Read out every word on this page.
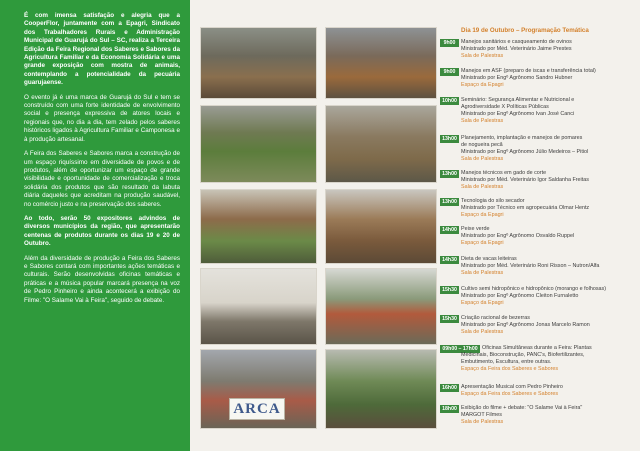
É com imensa satisfação e alegria que a CooperFlor, juntamente com a Epagri, Sindicato dos Trabalhadores Rurais e Administração Municipal de Guarujá do Sul – SC, realiza a Terceira Edição da Feira Regional dos Saberes e Sabores da Agricultura Familiar e da Economia Solidária e uma grande exposição com mostra de animais, contemplando a potencialidade da pecuária guarujaense.

O evento já é uma marca de Guarujá do Sul e tem se construído com uma forte identidade de envolvimento social e presença expressiva de atores locais e regionais que, no dia a dia, tem zelado pelos saberes históricos ligados à Agricultura Familiar e Camponesa e à produção artesanal.

A Feira dos Saberes e Sabores marca a construção de um espaço riquíssimo em diversidade de povos e de produtos, além de oportunizar um espaço de grande visibilidade e oportunidade de comercialização e troca solidária dos produtos que são resultado da labuta diária daqueles que acreditam na produção saudável, no comércio justo e na preservação dos saberes.

Ao todo, serão 50 expositores advindos de diversos municípios da região, que apresentarão centenas de produtos durante os dias 19 e 20 de Outubro.

Além da diversidade de produção a Feira dos Saberes e Sabores contará com importantes ações temáticas e culturais. Serão desenvolvidas oficinas temáticas e práticas e a música popular marcará presença na voz de Pedro Pinheiro e ainda acontecerá a exibição do Filme: "O Salame Vai à Feira", seguido de debate.

ARCA
Dia 19 de Outubro – Programação Temática
9h00	Manejos sanitários e casqueamento de ovinos
Ministrado por Méd. Veterinário Jaime Prestes
Sala de Palestras
9h00	Manejos em ASF (preparo de iscas e transferência total)
Ministrado por Engº Agrônomo Sandro Hubner
Espaço da Epagri
10h00 Seminário: Segurança Alimentar e Nutricional e
Agrodiversidade X Políticas Públicas
Ministrado por Engº Agrônomo Ivan José Canci
Sala de Palestras
13h00 Planejamento, implantação e manejos de pomares
de nogueira pecã
Ministrado por Engº Agrônomo Júlio Medeiros – Pitiol
Sala de Palestras
13h00 Manejos técnicos em gado de corte
Ministrado por Méd. Veterinário Igor Saldanha Freitas
Sala de Palestras
13h00 Tecnologia do silo secador
Ministrado por Técnico em agropecuária Olmar Hentz
Espaço da Epagri
14h00 Peixe verde
Ministrado por Engº Agrônomo Osvaldo Ruppel
Espaço da Epagri
14h30 Dieta de vacas leiteiras
Ministrado por Méd. Veterinário Roni Risson – Nutron/Alfa
Sala de Palestras
15h30 Cultivo semi hidropônico e hidropônico (morango e folhosas)
Ministrado por Engº Agrônomo Cleiton Furnaletto
Espaço da Epagri
15h30 Criação racional de bezerras
Ministrado por Engº Agrônomo Jonas Marcelo Ramon
Sala de Palestras
09h00 – 17h00 Oficinas Simultâneas durante a Feira: Plantas
Medicinais, Bioconstrução, PANC's, Biofertilizantes,
Embutimento, Escultura, entre outras.
Espaço da Feira dos Saberes e Sabores
16h00 Apresentação Musical com Pedro Pinheiro
Espaço da Feira dos Saberes e Sabores
18h00 Exibição do filme + debate: "O Salame Vai à Feira"
MARGOT Filmes
Sala de Palestras
